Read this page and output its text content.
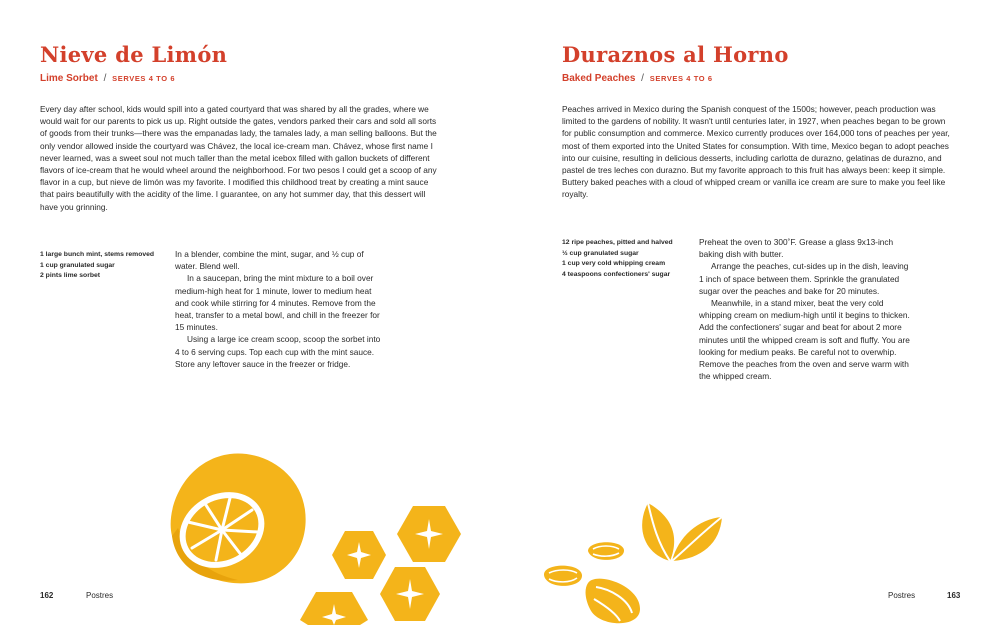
Nieve de Limón
Lime Sorbet / SERVES 4 TO 6

Every day after school, kids would spill into a gated courtyard that was shared by all the grades, where we would wait for our parents to pick us up. Right outside the gates, vendors parked their cars and sold all sorts of goods from their trunks—there was the empanadas lady, the tamales lady, a man selling balloons. But the only vendor allowed inside the courtyard was Chávez, the local ice-cream man. Chávez, whose first name I never learned, was a sweet soul not much taller than the metal icebox filled with gallon buckets of different flavors of ice-cream that he would wheel around the neighborhood. For two pesos I could get a scoop of any flavor in a cup, but nieve de limón was my favorite. I modified this childhood treat by creating a mint sauce that pairs beautifully with the acidity of the lime. I guarantee, on any hot summer day, that this dessert will have you grinning.

1 large bunch mint, stems removed
1 cup granulated sugar
2 pints lime sorbet

In a blender, combine the mint, sugar, and ½ cup of water. Blend well.

In a saucepan, bring the mint mixture to a boil over medium-high heat for 1 minute, lower to medium heat and cook while stirring for 4 minutes. Remove from the heat, transfer to a metal bowl, and chill in the freezer for 15 minutes.

Using a large ice cream scoop, scoop the sorbet into 4 to 6 serving cups. Top each cup with the mint sauce. Store any leftover sauce in the freezer or fridge.

162	Postres
Duraznos al Horno
Baked Peaches / SERVES 4 TO 6

Peaches arrived in Mexico during the Spanish conquest of the 1500s; however, peach production was limited to the gardens of nobility. It wasn't until centuries later, in 1927, when peaches began to be grown for public consumption and commerce. Mexico currently produces over 164,000 tons of peaches per year, most of them exported into the United States for consumption. With time, Mexico began to adopt peaches into our cuisine, resulting in delicious desserts, including carlotta de durazno, gelatinas de durazno, and pastel de tres leches con durazno. But my favorite approach to this fruit has always been: keep it simple. Buttery baked peaches with a cloud of whipped cream or vanilla ice cream are sure to make you feel like royalty.

12 ripe peaches, pitted and halved
½ cup granulated sugar
1 cup very cold whipping cream
4 teaspoons confectioners' sugar

Preheat the oven to 300˚F. Grease a glass 9x13-inch baking dish with butter.

Arrange the peaches, cut-sides up in the dish, leaving 1 inch of space between them. Sprinkle the granulated sugar over the peaches and bake for 20 minutes.

Meanwhile, in a stand mixer, beat the very cold whipping cream on medium-high until it begins to thicken. Add the confectioners' sugar and beat for about 2 more minutes until the whipped cream is soft and fluffy. You are looking for medium peaks. Be careful not to overwhip. Remove the peaches from the oven and serve warm with the whipped cream.

Postres	163
